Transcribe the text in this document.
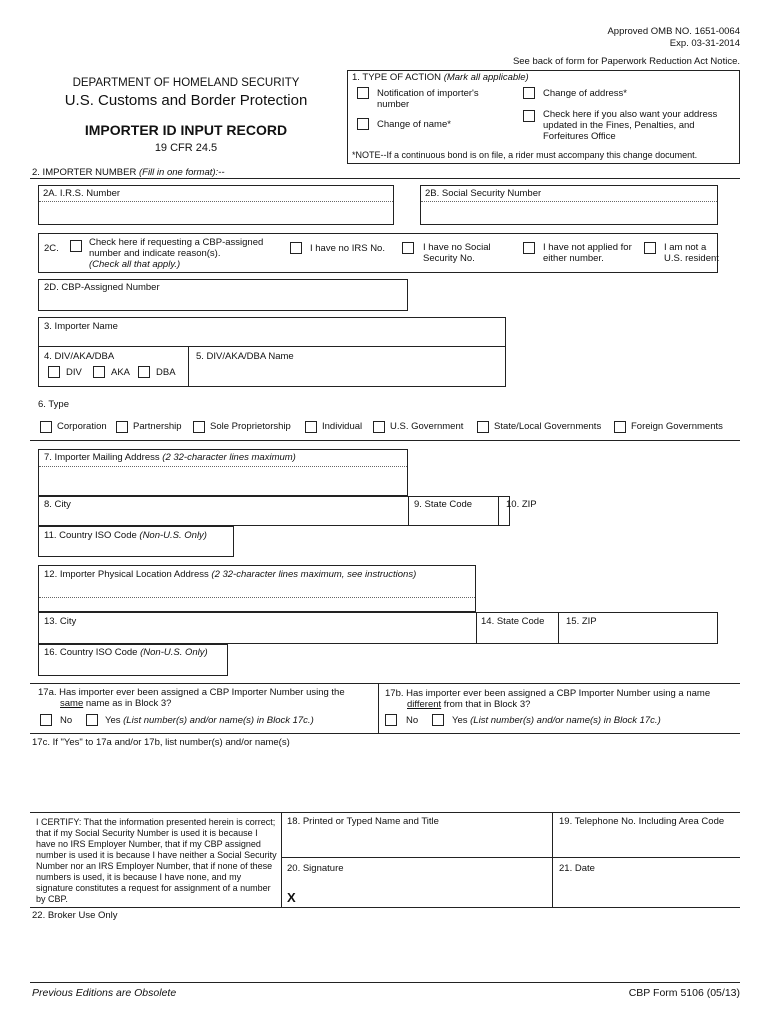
Approved OMB NO. 1651-0064
Exp. 03-31-2014
See back of form for Paperwork Reduction Act Notice.
DEPARTMENT OF HOMELAND SECURITY
U.S. Customs and Border Protection
IMPORTER ID INPUT RECORD
19 CFR 24.5
1. TYPE OF ACTION (Mark all applicable)
Notification of importer's number
Change of name*
Change of address*
Check here if you also want your address updated in the Fines, Penalties, and Forfeitures Office
*NOTE--If a continuous bond is on file, a rider must accompany this change document.
2. IMPORTER NUMBER (Fill in one format):--
2A. I.R.S. Number	2B. Social Security Number
2C.
Check here if requesting a CBP-assigned number and indicate reason(s).
(Check all that apply.)
I have no IRS No.	I have no Social Security No.
I have not applied for either number.
I am not a U.S. resident
2D. CBP-Assigned Number
3. Importer Name
4. DIV/AKA/DBA
DIV	AKA	DBA
5. DIV/AKA/DBA Name
6. Type
Corporation	Partnership	Sole Proprietorship	Individual	U.S. Government	State/Local Governments	Foreign Governments
7. Importer Mailing Address (2 32-character lines maximum)
8. City	9. State Code	10. ZIP
11. Country ISO Code (Non-U.S. Only)
12. Importer Physical Location Address (2 32-character lines maximum, see instructions)
13. City	14. State Code 15. ZIP
16. Country ISO Code (Non-U.S. Only)
17a. Has importer ever been assigned a CBP Importer Number using the
same name as in Block 3?
No	Yes (List number(s) and/or name(s) in Block 17c.)
17b. Has importer ever been assigned a CBP Importer Number using a name
different from that in Block 3?
No	Yes (List number(s) and/or name(s) in Block 17c.)
17c. If "Yes" to 17a and/or 17b, list number(s) and/or name(s)
I CERTIFY: That the information presented herein is correct; that if my Social Security Number is used it is because I have no IRS Employer Number, that if my CBP assigned number is used it is because I have neither a Social Security Number nor an IRS Employer Number, that if none of these numbers is used, it is because I have none, and my signature constitutes a request for assignment of a number by CBP.
18. Printed or Typed Name and Title	19. Telephone No. Including Area Code
20. Signature
X
21. Date
22. Broker Use Only
Previous Editions are Obsolete	CBP Form 5106 (05/13)
